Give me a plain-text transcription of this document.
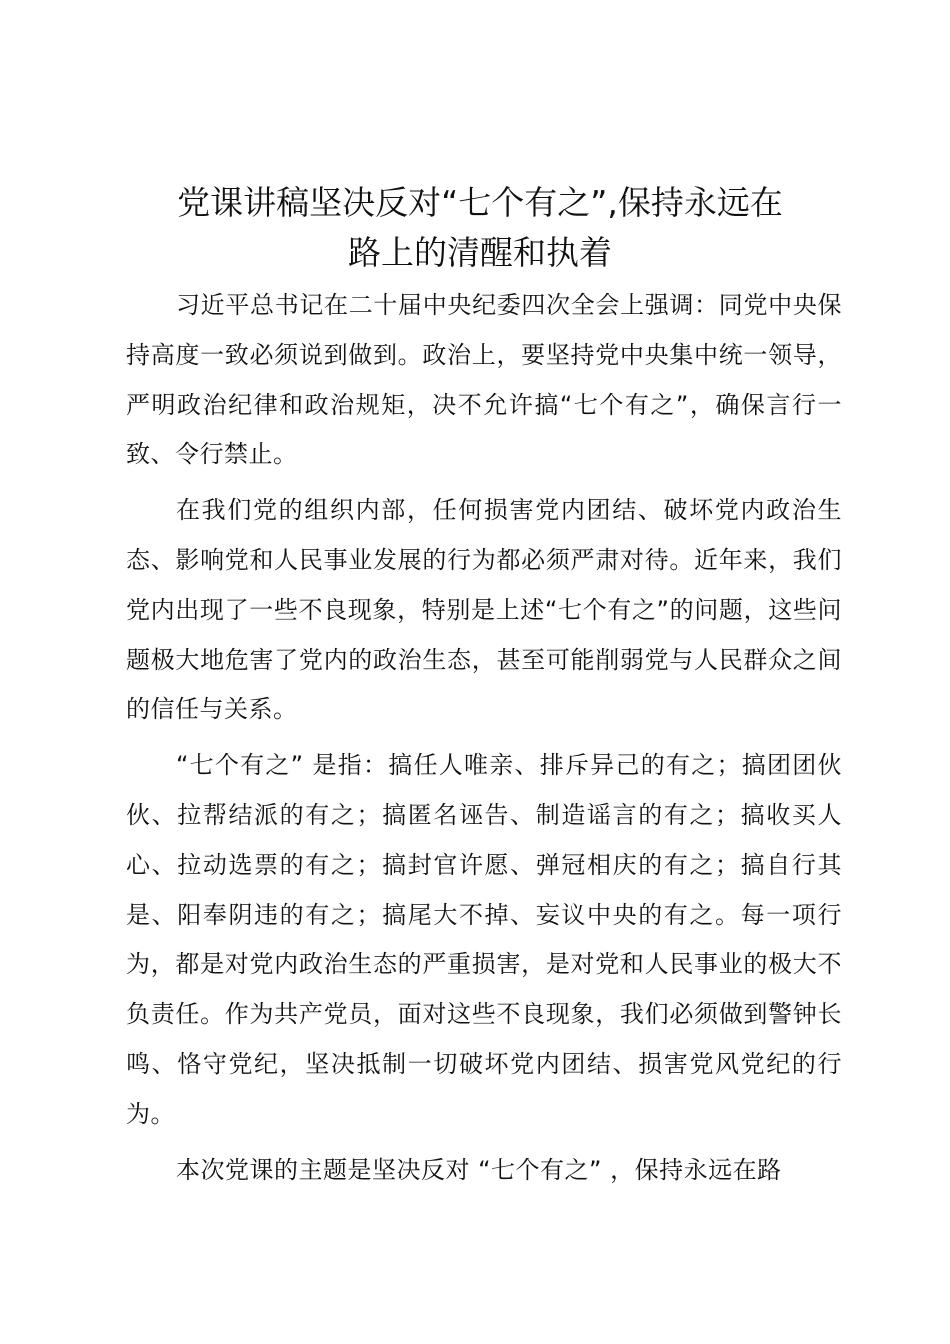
党课讲稿坚决反对“七个有之”,保持永远在
路上的清醒和执着

习近平总书记在二十届中央纪委四次全会上强调：同党中央保持高度一致必须说到做到。政治上，要坚持党中央集中统一领导，严明政治纪律和政治规矩，决不允许搞“七个有之”，确保言行一致、令行禁止。

在我们党的组织内部，任何损害党内团结、破坏党内政治生态、影响党和人民事业发展的行为都必须严肃对待。近年来，我们党内出现了一些不良现象，特别是上述“七个有之”的问题，这些问题极大地危害了党内的政治生态，甚至可能削弱党与人民群众之间的信任与关系。

“七个有之” 是指：搞任人唯亲、排斥异己的有之；搞团团伙伙、拉帮结派的有之；搞匿名诬告、制造谣言的有之；搞收买人心、拉动选票的有之；搞封官许愿、弹冠相庆的有之；搞自行其是、阳奉阴违的有之；搞尾大不掉、妄议中央的有之。每一项行为，都是对党内政治生态的严重损害，是对党和人民事业的极大不负责任。作为共产党员，面对这些不良现象，我们必须做到警钟长鸣、恪守党纪，坚决抵制一切破坏党内团结、损害党风党纪的行为。

本次党课的主题是坚决反对 “七个有之” ，保持永远在路
